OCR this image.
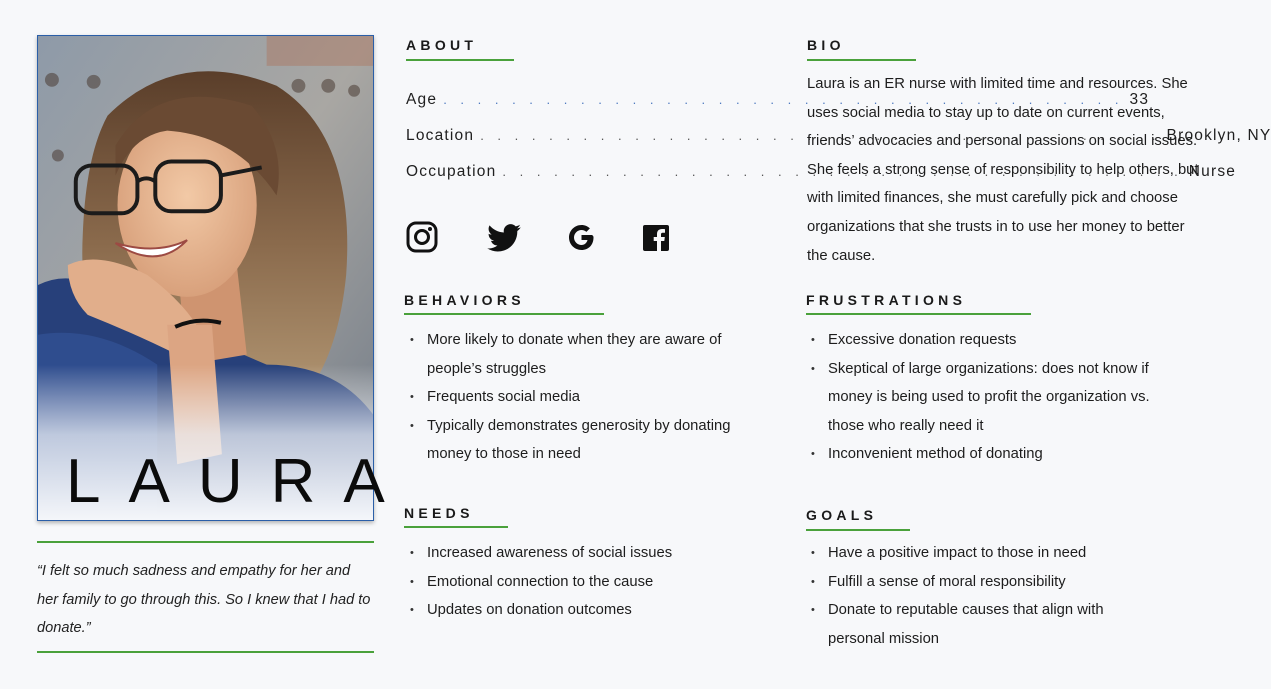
LAURA
“I felt so much sadness and empathy for her and her family to go through this. So I knew that I had to donate.”
ABOUT
Age . . .	33
Location . . .	Brooklyn, NY
Occupation . . .	Nurse
BEHAVIORS
• More likely to donate when they are aware of people’s struggles
• Frequents social media
• Typically demonstrates generosity by donating money to those in need
NEEDS
• Increased awareness of social issues
• Emotional connection to the cause
• Updates on donation outcomes
BIO
Laura is an ER nurse with limited time and resources. She uses social media to stay up to date on current events, friends’ advocacies and personal passions on social issues. She feels a strong sense of responsibility to help others, but with limited finances, she must carefully pick and choose organizations that she trusts in to use her money to better the cause.
FRUSTRATIONS
• Excessive donation requests
• Skeptical of large organizations: does not know if money is being used to profit the organization vs. those who really need it
• Inconvenient method of donating
GOALS
• Have a positive impact to those in need
• Fulfill a sense of moral responsibility
• Donate to reputable causes that align with personal mission
